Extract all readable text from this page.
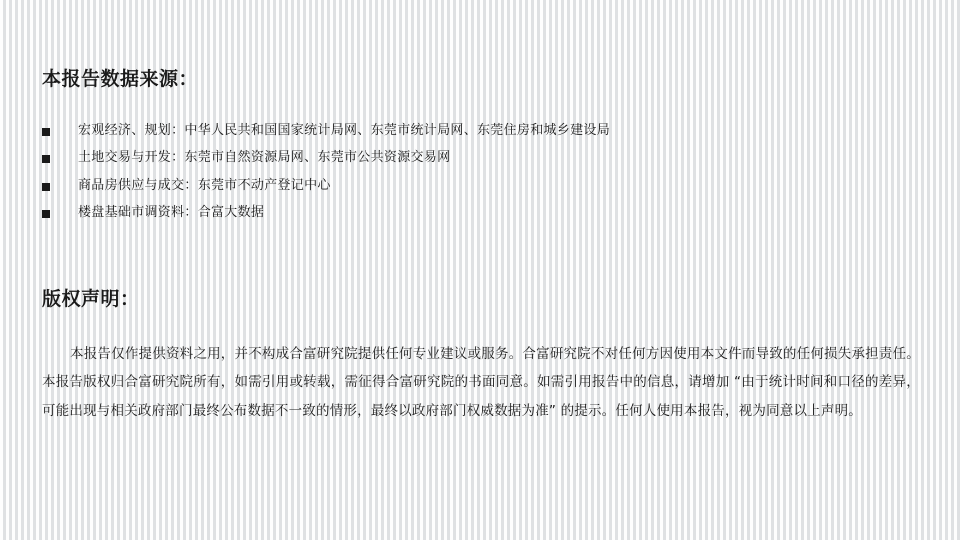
本报告数据来源：
宏观经济、规划：中华人民共和国国家统计局网、东莞市统计局网、东莞住房和城乡建设局
土地交易与开发：东莞市自然资源局网、东莞市公共资源交易网
商品房供应与成交：东莞市不动产登记中心
楼盘基础市调资料：合富大数据
版权声明：
本报告仅作提供资料之用，并不构成合富研究院提供任何专业建议或服务。合富研究院不对任何方因使用本文件而导致的任何损失承担责任。本报告版权归合富研究院所有，如需引用或转载，需征得合富研究院的书面同意。如需引用报告中的信息，请增加 “由于统计时间和口径的差异，可能出现与相关政府部门最终公布数据不一致的情形，最终以政府部门权威数据为准” 的提示。任何人使用本报告，视为同意以上声明。
